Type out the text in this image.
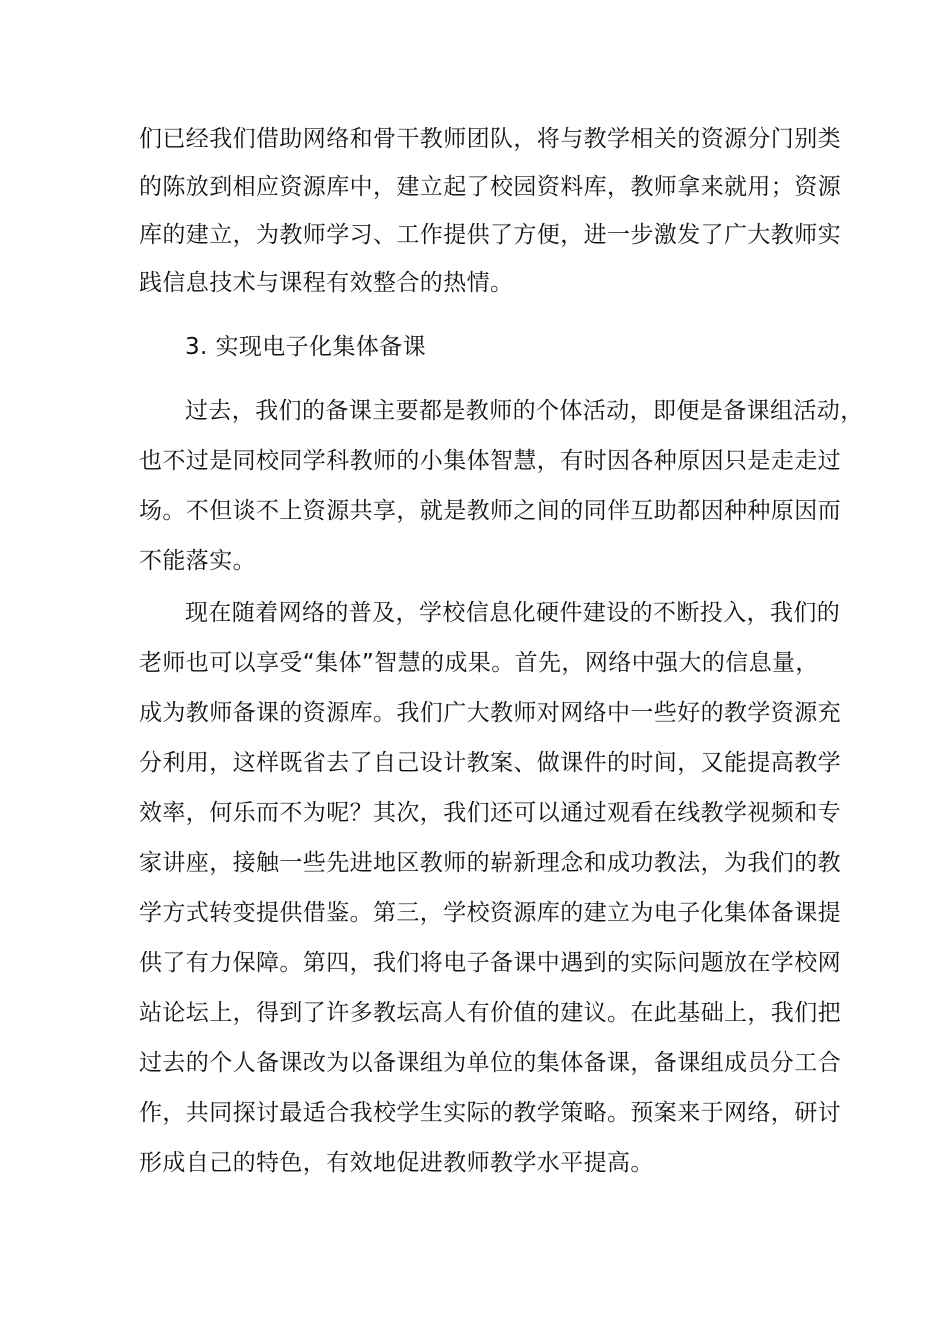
们已经我们借助网络和骨干教师团队，将与教学相关的资源分门别类
的陈放到相应资源库中，建立起了校园资料库，教师拿来就用；资源
库的建立，为教师学习、工作提供了方便，进一步激发了广大教师实
践信息技术与课程有效整合的热情。
3. 实现电子化集体备课
过去，我们的备课主要都是教师的个体活动，即便是备课组活动，
也不过是同校同学科教师的小集体智慧，有时因各种原因只是走走过
场。不但谈不上资源共享，就是教师之间的同伴互助都因种种原因而
不能落实。
现在随着网络的普及，学校信息化硬件建设的不断投入，我们的
老师也可以享受“集体”智慧的成果。首先，网络中强大的信息量，
成为教师备课的资源库。我们广大教师对网络中一些好的教学资源充
分利用，这样既省去了自己设计教案、做课件的时间，又能提高教学
效率，何乐而不为呢？其次，我们还可以通过观看在线教学视频和专
家讲座，接触一些先进地区教师的崭新理念和成功教法，为我们的教
学方式转变提供借鉴。第三，学校资源库的建立为电子化集体备课提
供了有力保障。第四，我们将电子备课中遇到的实际问题放在学校网
站论坛上，得到了许多教坛高人有价值的建议。在此基础上，我们把
过去的个人备课改为以备课组为单位的集体备课，备课组成员分工合
作，共同探讨最适合我校学生实际的教学策略。预案来于网络，研讨
形成自己的特色，有效地促进教师教学水平提高。
